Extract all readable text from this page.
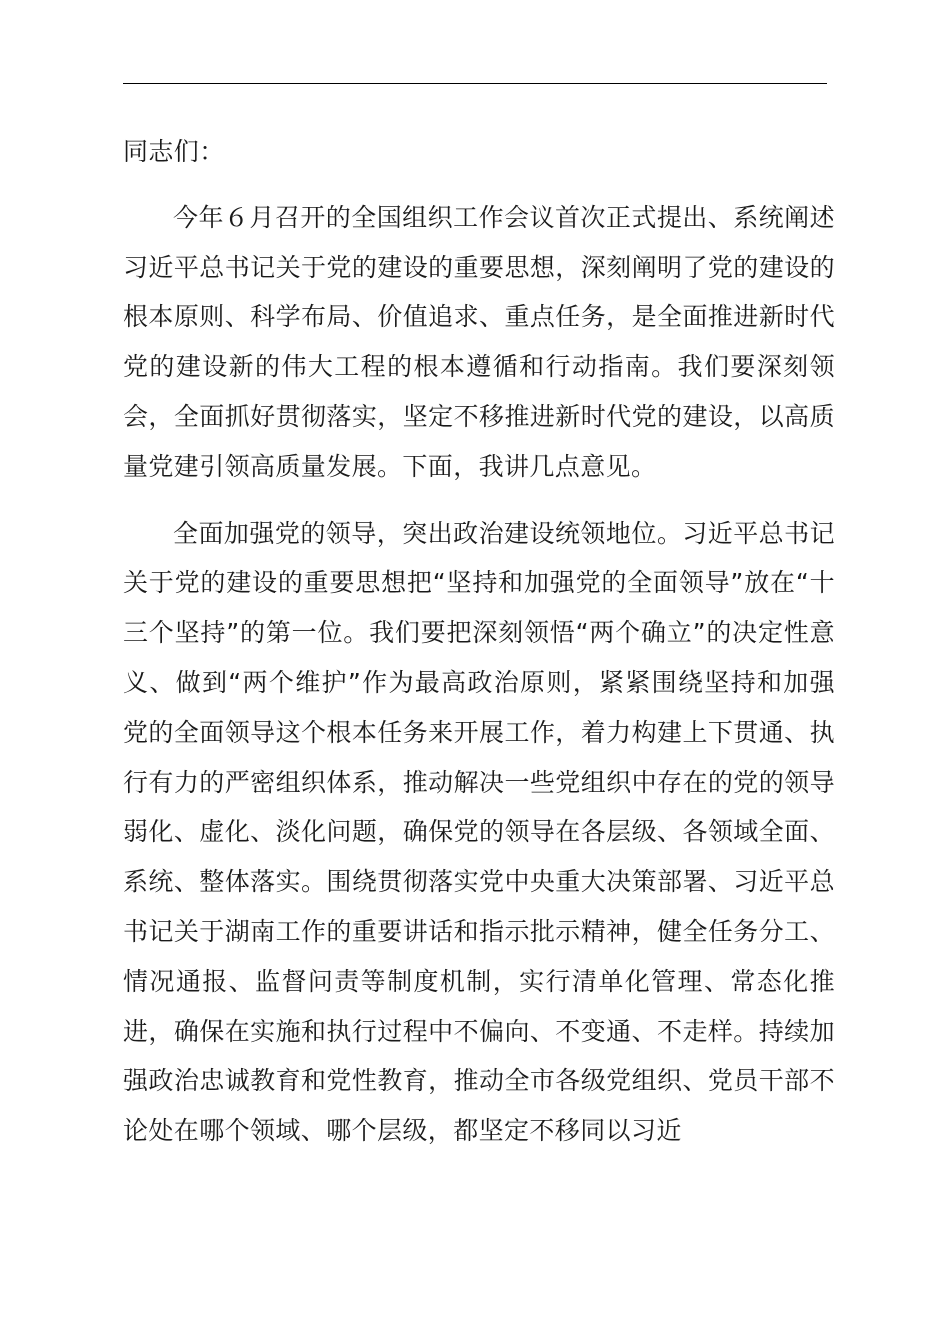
同志们：

今年６月召开的全国组织工作会议首次正式提出、系统阐述习近平总书记关于党的建设的重要思想，深刻阐明了党的建设的根本原则、科学布局、价值追求、重点任务，是全面推进新时代党的建设新的伟大工程的根本遵循和行动指南。我们要深刻领会，全面抓好贯彻落实，坚定不移推进新时代党的建设，以高质量党建引领高质量发展。下面，我讲几点意见。

全面加强党的领导，突出政治建设统领地位。习近平总书记关于党的建设的重要思想把“坚持和加强党的全面领导”放在“十三个坚持”的第一位。我们要把深刻领悟“两个确立”的决定性意义、做到“两个维护”作为最高政治原则，紧紧围绕坚持和加强党的全面领导这个根本任务来开展工作，着力构建上下贯通、执行有力的严密组织体系，推动解决一些党组织中存在的党的领导弱化、虚化、淡化问题，确保党的领导在各层级、各领域全面、系统、整体落实。围绕贯彻落实党中央重大决策部署、习近平总书记关于湖南工作的重要讲话和指示批示精神，健全任务分工、情况通报、监督问责等制度机制，实行清单化管理、常态化推进，确保在实施和执行过程中不偏向、不变通、不走样。持续加强政治忠诚教育和党性教育，推动全市各级党组织、党员干部不论处在哪个领域、哪个层级，都坚定不移同以习近
